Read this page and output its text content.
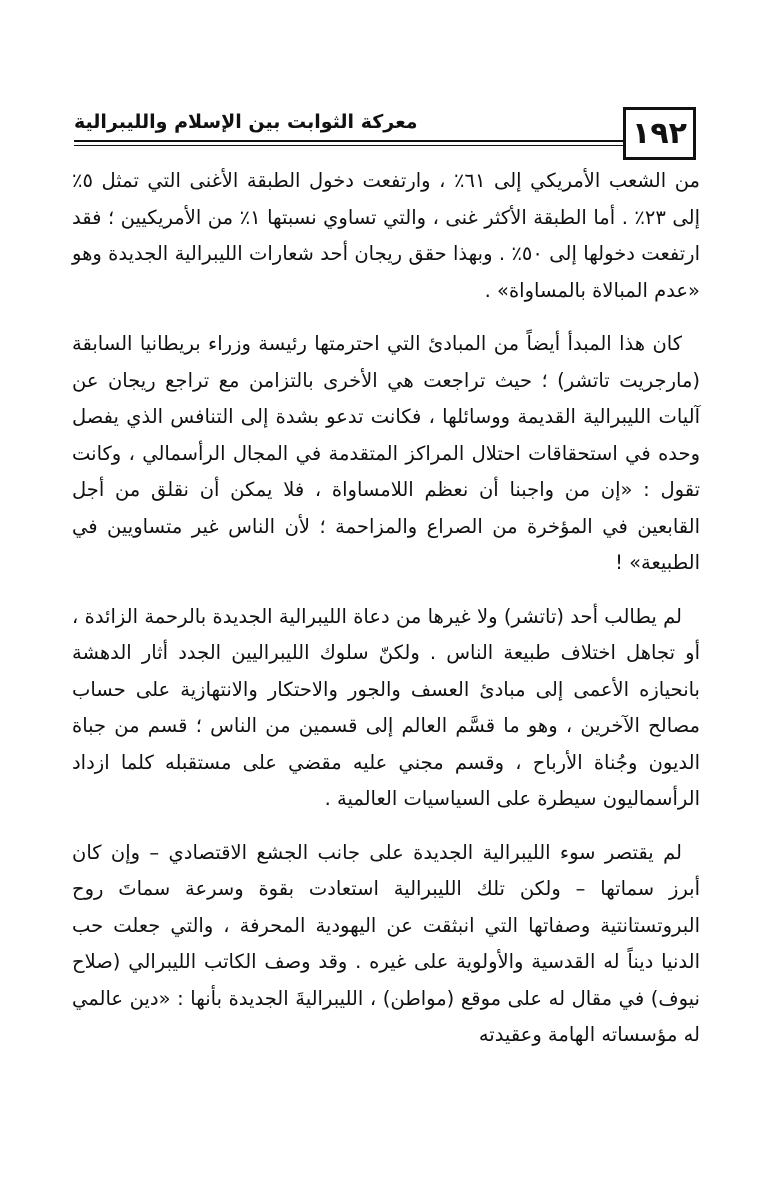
١٩٢
معركة الثوابت بين الإسلام والليبرالية

من الشعب الأمريكي إلى ٦١٪ ، وارتفعت دخول الطبقة الأغنى التي تمثل ٥٪ إلى ٢٣٪ . أما الطبقة الأكثر غنى ، والتي تساوي نسبتها ١٪ من الأمريكيين ؛ فقد ارتفعت دخولها إلى ٥٠٪ . وبهذا حقق ريجان أحد شعارات الليبرالية الجديدة وهو «عدم المبالاة بالمساواة» .

كان هذا المبدأ أيضاً من المبادئ التي احترمتها رئيسة وزراء بريطانيا السابقة (مارجريت تاتشر) ؛ حيث تراجعت هي الأخرى بالتزامن مع تراجع ريجان عن آليات الليبرالية القديمة ووسائلها ، فكانت تدعو بشدة إلى التنافس الذي يفصل وحده في استحقاقات احتلال المراكز المتقدمة في المجال الرأسمالي ، وكانت تقول : «إن من واجبنا أن نعظم اللامساواة ، فلا يمكن أن نقلق من أجل القابعين في المؤخرة من الصراع والمزاحمة ؛ لأن الناس غير متساويين في الطبيعة» !

لم يطالب أحد (تاتشر) ولا غيرها من دعاة الليبرالية الجديدة بالرحمة الزائدة ، أو تجاهل اختلاف طبيعة الناس . ولكنّ سلوك الليبراليين الجدد أثار الدهشة بانحيازه الأعمى إلى مبادئ العسف والجور والاحتكار والانتهازية على حساب مصالح الآخرين ، وهو ما قسَّم العالم إلى قسمين من الناس ؛ قسم من جباة الديون وجُناة الأرباح ، وقسم مجني عليه مقضي على مستقبله كلما ازداد الرأسماليون سيطرة على السياسيات العالمية .

لم يقتصر سوء الليبرالية الجديدة على جانب الجشع الاقتصادي – وإن كان أبرز سماتها – ولكن تلك الليبرالية استعادت بقوة وسرعة سماتَ روح البروتستانتية وصفاتها التي انبثقت عن اليهودية المحرفة ، والتي جعلت حب الدنيا ديناً له القدسية والأولوية على غيره . وقد وصف الكاتب الليبرالي (صلاح نيوف) في مقال له على موقع (مواطن) ، الليبراليةَ الجديدة بأنها : «دين عالمي له مؤسساته الهامة وعقيدته
